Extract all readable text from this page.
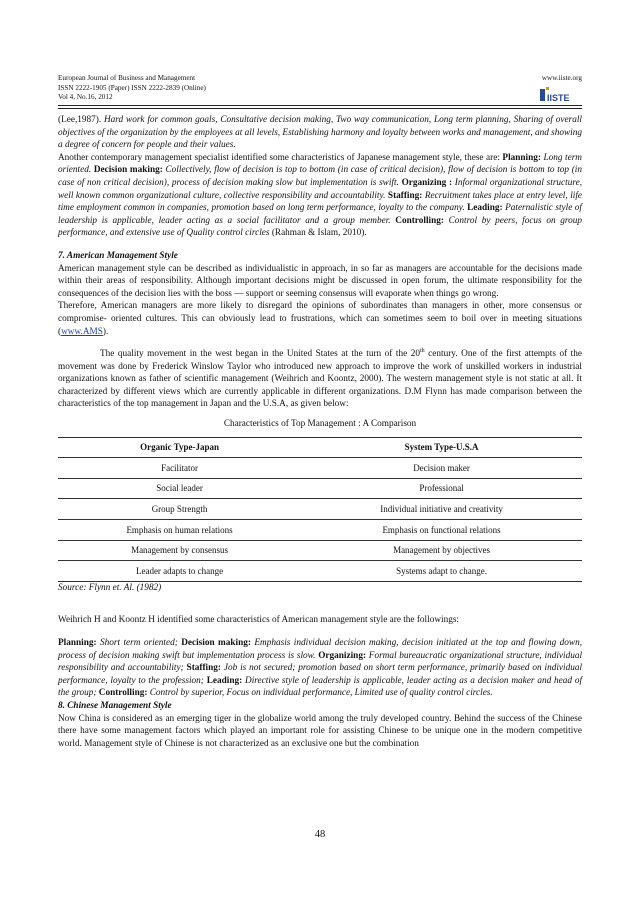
European Journal of Business and Management
ISSN 2222-1905 (Paper) ISSN 2222-2839 (Online)
Vol 4, No.16, 2012
www.iiste.org
IISTE

(Lee,1987). Hard work for common goals, Consultative decision making, Two way communication, Long term planning, Sharing of overall objectives of the organization by the employees at all levels, Establishing harmony and loyalty between works and management, and showing a degree of concern for people and their values.

Another contemporary management specialist identified some characteristics of Japanese management style, these are: Planning: Long term oriented. Decision making: Collectively, flow of decision is top to bottom (in case of critical decision), flow of decision is bottom to top (in case of non critical decision), process of decision making slow but implementation is swift. Organizing : Informal organizational structure, well known common organizational culture, collective responsibility and accountability. Staffing: Recruitment takes place at entry level, life time employment common in companies, promotion based on long term performance, loyalty to the company. Leading: Paternalistic style of leadership is applicable, leader acting as a social facilitator and a group member. Controlling: Control by peers, focus on group performance, and extensive use of Quality control circles (Rahman & Islam, 2010).

7. American Management Style

American management style can be described as individualistic in approach, in so far as managers are accountable for the decisions made within their areas of responsibility. Although important decisions might be discussed in open forum, the ultimate responsibility for the consequences of the decision lies with the boss — support or seeming consensus will evaporate when things go wrong.

Therefore, American managers are more likely to disregard the opinions of subordinates than managers in other, more consensus or compromise- oriented cultures. This can obviously lead to frustrations, which can sometimes seem to boil over in meeting situations (www.AMS).

The quality movement in the west began in the United States at the turn of the 20th century. One of the first attempts of the movement was done by Frederick Winslow Taylor who introduced new approach to improve the work of unskilled workers in industrial organizations known as father of scientific management (Weihrich and Koontz, 2000). The western management style is not static at all. It characterized by different views which are currently applicable in different organizations. D.M Flynn has made comparison between the characteristics of the top management in Japan and the U.S.A, as given below:

Characteristics of Top Management : A Comparison

Organic Type-Japan	System Type-U.S.A
Facilitator	Decision maker
Social leader	Professional
Group Strength	Individual initiative and creativity
Emphasis on human relations	Emphasis on functional relations
Management by consensus	Management by objectives
Leader adapts to change	Systems adapt to change.

Source: Flynn et. Al. (1982)

Weihrich H and Koontz H identified some characteristics of American management style are the followings:

Planning: Short term oriented; Decision making: Emphasis individual decision making, decision initiated at the top and flowing down, process of decision making swift but implementation process is slow. Organizing: Formal bureaucratic organizational structure, individual responsibility and accountability; Staffing: Job is not secured; promotion based on short term performance, primarily based on individual performance, loyalty to the profession; Leading: Directive style of leadership is applicable, leader acting as a decision maker and head of the group; Controlling: Control by superior, Focus on individual performance, Limited use of quality control circles.

8. Chinese Management Style

Now China is considered as an emerging tiger in the globalize world among the truly developed country. Behind the success of the Chinese there have some management factors which played an important role for assisting Chinese to be unique one in the modern competitive world. Management style of Chinese is not characterized as an exclusive one but the combination

48
